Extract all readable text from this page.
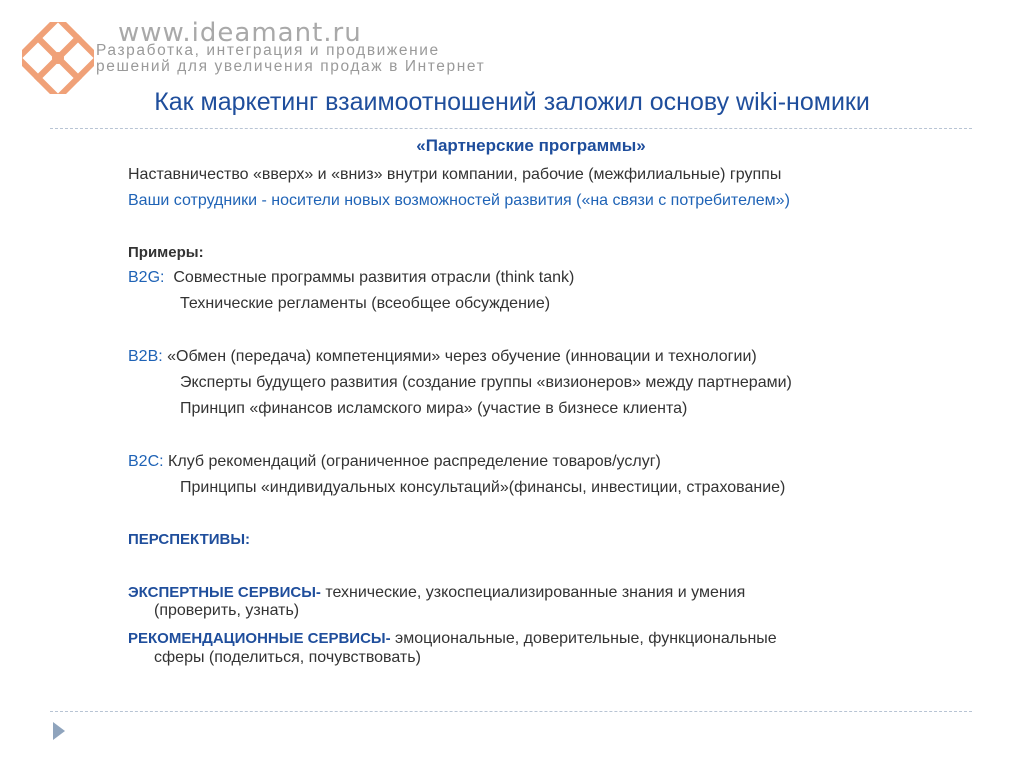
www.ideamant.ru
Разработка, интеграция и продвижение
решений для увеличения продаж в Интернет
Как маркетинг взаимоотношений заложил основу wiki-номики
«Партнерские программы»
Наставничество «вверх» и «вниз» внутри компании, рабочие (межфилиальные) группы
Ваши сотрудники - носители новых возможностей развития («на связи с потребителем»)
Примеры:
B2G: Совместные программы развития отрасли (think tank)
Технические регламенты (всеобщее обсуждение)
B2B: «Обмен (передача) компетенциями» через обучение (инновации и технологии)
Эксперты будущего развития (создание группы «визионеров» между партнерами)
Принцип «финансов исламского мира» (участие в бизнесе клиента)
B2C: Клуб рекомендаций (ограниченное распределение товаров/услуг)
Принципы «индивидуальных консультаций»(финансы, инвестиции, страхование)
ПЕРСПЕКТИВЫ:
ЭКСПЕРТНЫЕ СЕРВИСЫ- технические, узкоспециализированные знания и умения
(проверить, узнать)
РЕКОМЕНДАЦИОННЫЕ СЕРВИСЫ- эмоциональные, доверительные, функциональные
сферы (поделиться, почувствовать)
